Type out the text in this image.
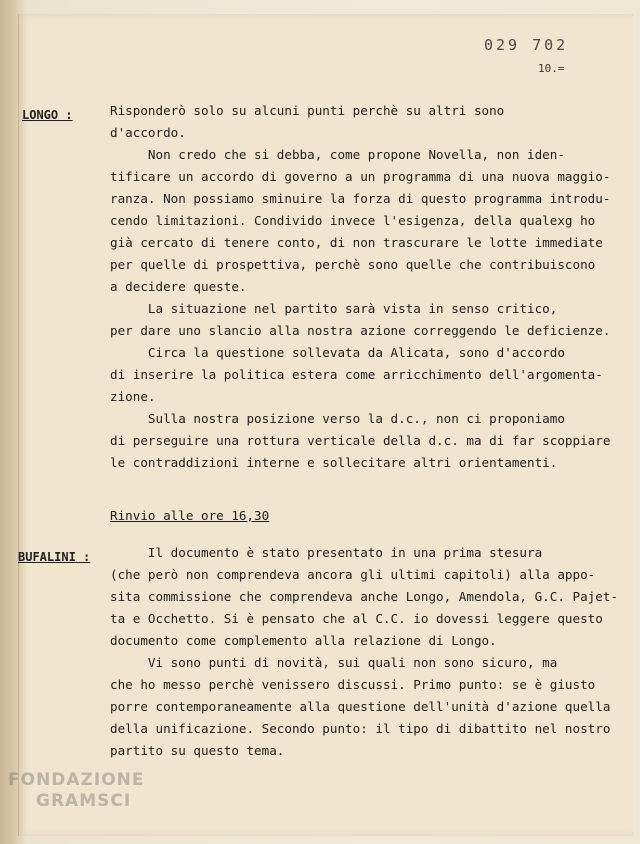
029 702
10.=
LONGO :	Risponderò solo su alcuni punti perchè su altri sono
d'accordo.
Non credo che si debba, come propone Novella, non iden-
tificare un accordo di governo a un programma di una nuova maggio-
ranza. Non possiamo sminuire la forza di questo programma introdu-
cendo limitazioni. Condivido invece l'esigenza, della qualexg ho
già cercato di tenere conto, di non trascurare le lotte immediate
per quelle di prospettiva, perchè sono quelle che contribuiscono
a decidere queste.
La situazione nel partito sarà vista in senso critico,
per dare uno slancio alla nostra azione correggendo le deficienze.
Circa la questione sollevata da Alicata, sono d'accordo
di inserire la politica estera come arricchimento dell'argomenta-
zione.
Sulla nostra posizione verso la d.c., non ci proponiamo
di perseguire una rottura verticale della d.c. ma di far scoppiare
le contraddizioni interne e sollecitare altri orientamenti.
Rinvio alle ore 16,30
BUFALINI : Il documento è stato presentato in una prima stesura
(che però non comprendeva ancora gli ultimi capitoli) alla appo-
sita commissione che comprendeva anche Longo, Amendola, G.C. Pajet-
ta e Occhetto. Si è pensato che al C.C. io dovessi leggere questo
documento come complemento alla relazione di Longo.
Vi sono punti di novità, sui quali non sono sicuro, ma
che ho messo perchè venissero discussi. Primo punto: se è giusto
porre contemporaneamente alla questione dell'unità d'azione quella
della unificazione. Secondo punto: il tipo di dibattito nel nostro
partito su questo tema.
FONDAZIONE
GRAMSCI
